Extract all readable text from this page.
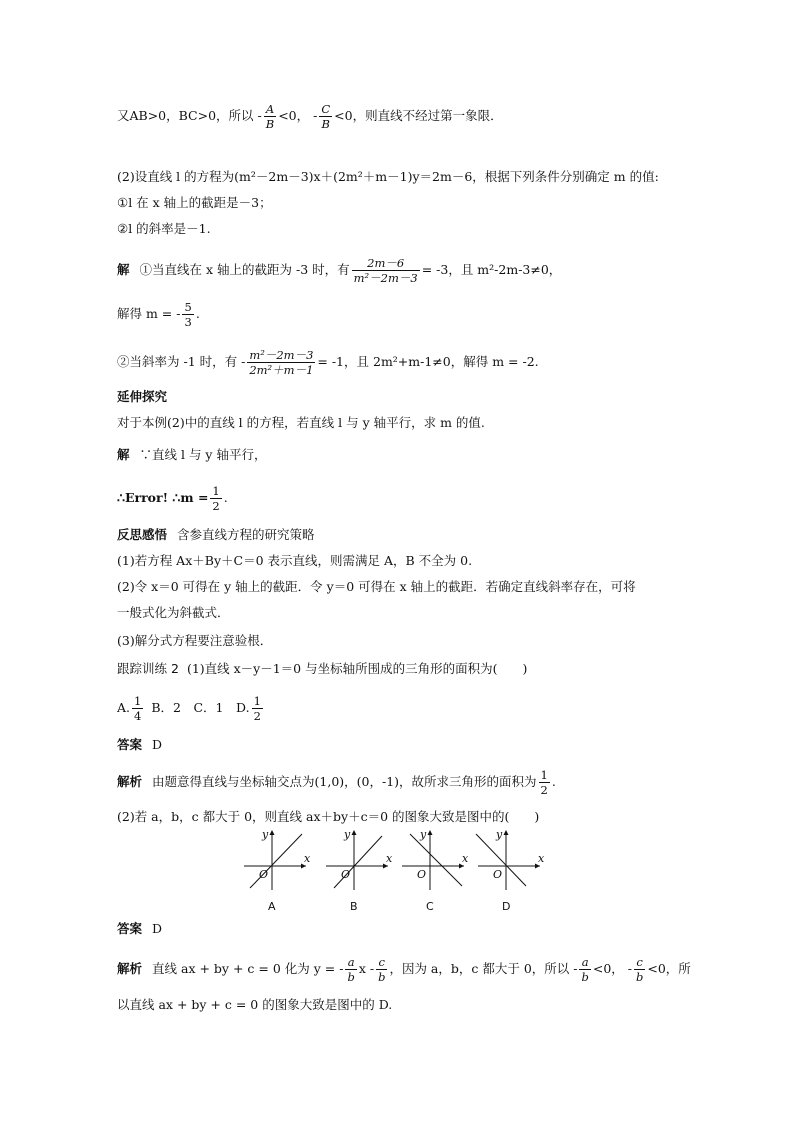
又AB>0，BC>0，所以 - $\frac{A}{B} <0$， - $\frac{C}{B} <0$，则直线不经过第一象限．
(2)设直线 l 的方程为(m²－2m－3)x＋(2m²＋m－1)y＝2m－6，根据下列条件分别确定 m 的值:
①l 在 x 轴上的截距是－3；
②l 的斜率是－1.
解 ①当直线在 x 轴上的截距为 -3 时，有 $\frac{2m-6}{\text{m²－2m－3}} = -3$，且 m²-2m-3≠0，
解得 m = - $\frac{5}{3}$ .
②当斜率为 -1 时，有 - $\frac{\text{m²－2m－3}}{\text{2m²＋m－1}} = -1$，且 2m²+m-1≠0，解得 m = -2.
延伸探究
对于本例(2)中的直线 l 的方程，若直线 l 与 y 轴平行，求 m 的值.
解 ∵直线 l 与 y 轴平行，
∴Error! ∴m = $\frac{1}{2}$ .
反思感悟 含参直线方程的研究策略
(1)若方程 Ax＋By＋C＝0 表示直线，则需满足 A，B 不全为 0.
(2)令 x＝0 可得在 y 轴上的截距．令 y＝0 可得在 x 轴上的截距．若确定直线斜率存在，可将
一般式化为斜截式．
(3)解分式方程要注意验根．
跟踪训练 2 (1)直线 x－y－1＝0 与坐标轴所围成的三角形的面积为(　　)
A. $\frac{1}{4}$ B．2　C．1　D. $\frac{1}{2}$
答案 D
解析 由题意得直线与坐标轴交点为(1,0)，(0，-1)，故所求三角形的面积为 $\frac{1}{2}$ .
(2)若 a，b，c 都大于 0，则直线 ax＋by＋c＝0 的图象大致是图中的(　　)
x
y
O
A
x
y
O
B
x
y
O
C
x
y
O
D
答案 D
解析 直线 ax + by + c = 0 化为 y = - $\frac{a}{b}$ x - $\frac{c}{b}$ ，因为 a，b，c 都大于 0，所以 - $\frac{a}{b} <0$， - $\frac{c}{b} <0$，所
以直线 ax + by + c = 0 的图象大致是图中的 D.
